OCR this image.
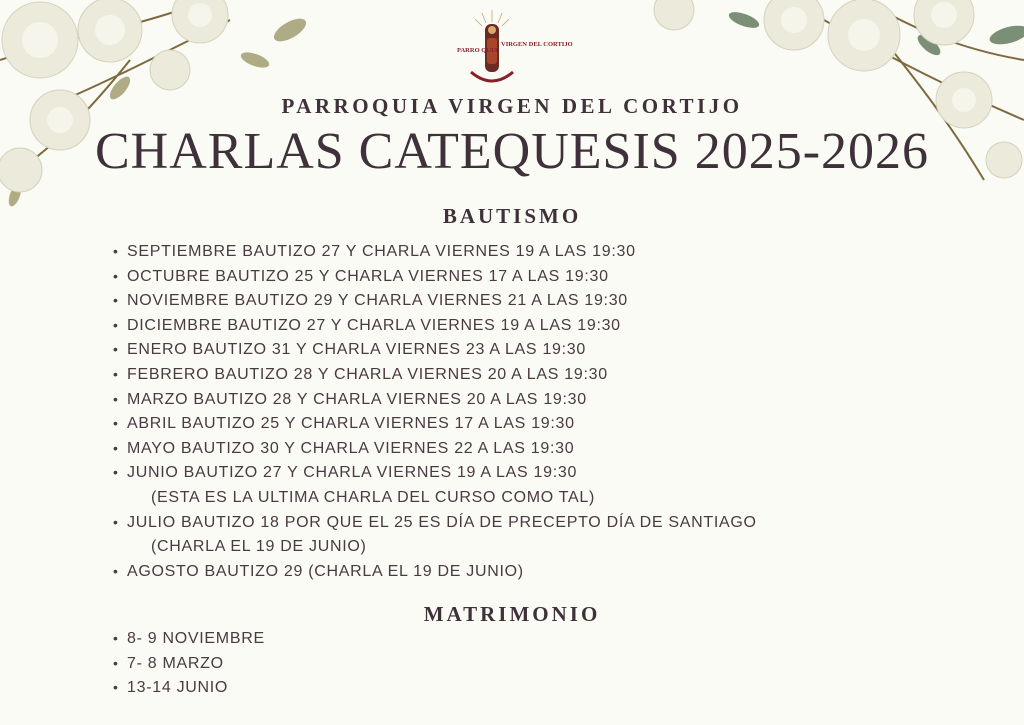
PARRO QUIA
VIRGEN DEL CORTIJO
PARROQUIA VIRGEN DEL CORTIJO
CHARLAS CATEQUESIS 2025-2026
BAUTISMO
• SEPTIEMBRE BAUTIZO 27 Y CHARLA VIERNES 19 A LAS 19:30
• OCTUBRE BAUTIZO 25 Y CHARLA VIERNES 17 A LAS 19:30
• NOVIEMBRE BAUTIZO 29 Y CHARLA VIERNES 21 A LAS 19:30
• DICIEMBRE BAUTIZO 27 Y CHARLA VIERNES 19 A LAS 19:30
• ENERO BAUTIZO 31 Y CHARLA VIERNES 23 A LAS 19:30
• FEBRERO BAUTIZO 28 Y CHARLA VIERNES 20 A LAS 19:30
• MARZO BAUTIZO 28 Y CHARLA VIERNES 20 A LAS 19:30
• ABRIL BAUTIZO 25 Y CHARLA VIERNES 17 A LAS 19:30
• MAYO BAUTIZO 30 Y CHARLA VIERNES 22 A LAS 19:30
• JUNIO BAUTIZO 27 Y CHARLA VIERNES 19 A LAS 19:30
(ESTA ES LA ULTIMA CHARLA DEL CURSO COMO TAL)
• JULIO BAUTIZO 18 POR QUE EL 25 ES DÍA DE PRECEPTO DÍA DE SANTIAGO
(CHARLA EL 19 DE JUNIO)
• AGOSTO BAUTIZO 29 (CHARLA EL 19 DE JUNIO)
MATRIMONIO
• 8- 9 NOVIEMBRE
• 7- 8 MARZO
• 13-14 JUNIO
